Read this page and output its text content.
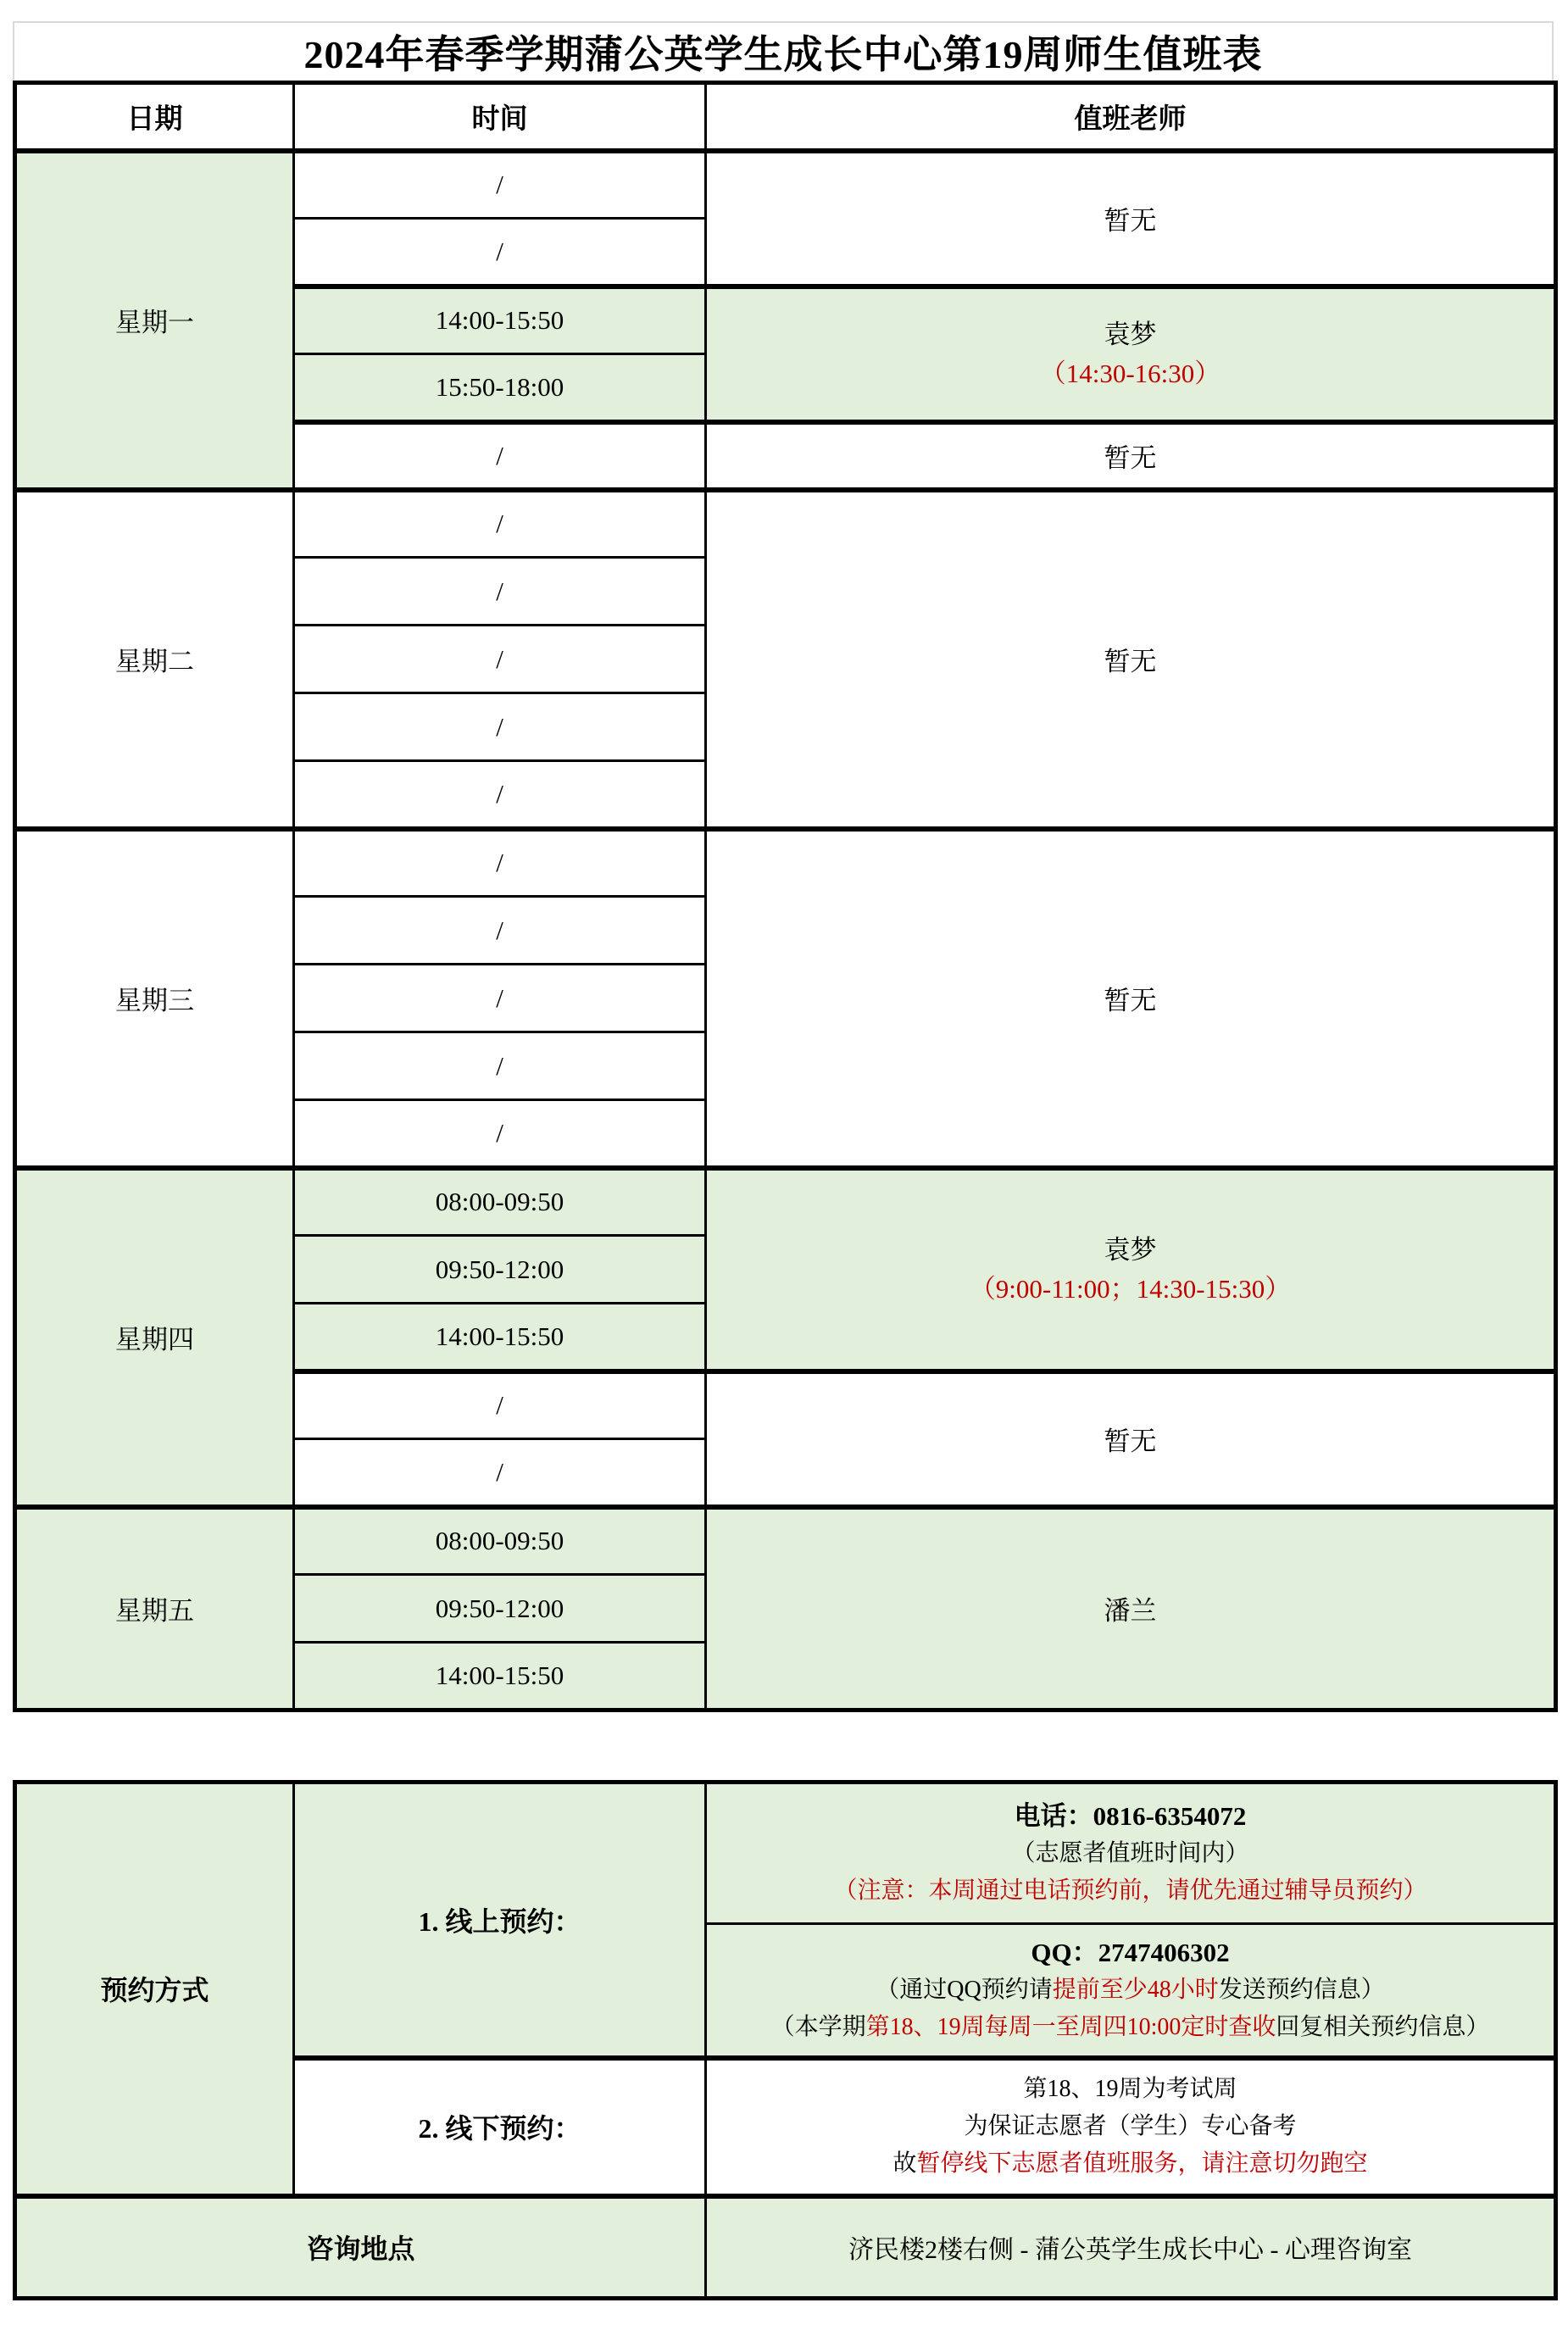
2024年春季学期蒲公英学生成长中心第19周师生值班表
日期	时间	值班老师
星期一	/	暂无
	/	
	14:00-15:50	袁梦
（14:30-16:30）

	15:50-18:00	
	/	暂无
星期二	/	暂无
	/	
	/	
	/	
	/	
星期三	/	暂无
	/	
	/	
	/	
	/	
星期四	08:00-09:50	袁梦
（9:00-11:00；14:30-15:30）

	09:50-12:00	
	14:00-15:50	
	/	暂无
	/	
星期五	08:00-09:50	潘兰
	09:50-12:00	
	14:00-15:50	
预约方式	1. 线上预约：	电话：0816-6354072
（志愿者值班时间内）
（注意：本周通过电话预约前，请优先通过辅导员预约）

		QQ：2747406302
（通过QQ预约请提前至少48小时发送预约信息）
（本学期第18、19周每周一至周四10:00定时查收回复相关预约信息）

	2. 线下预约：	第18、19周为考试周
为保证志愿者（学生）专心备考
故暂停线下志愿者值班服务，请注意切勿跑空

咨询地点		济民楼2楼右侧 - 蒲公英学生成长中心 - 心理咨询室
